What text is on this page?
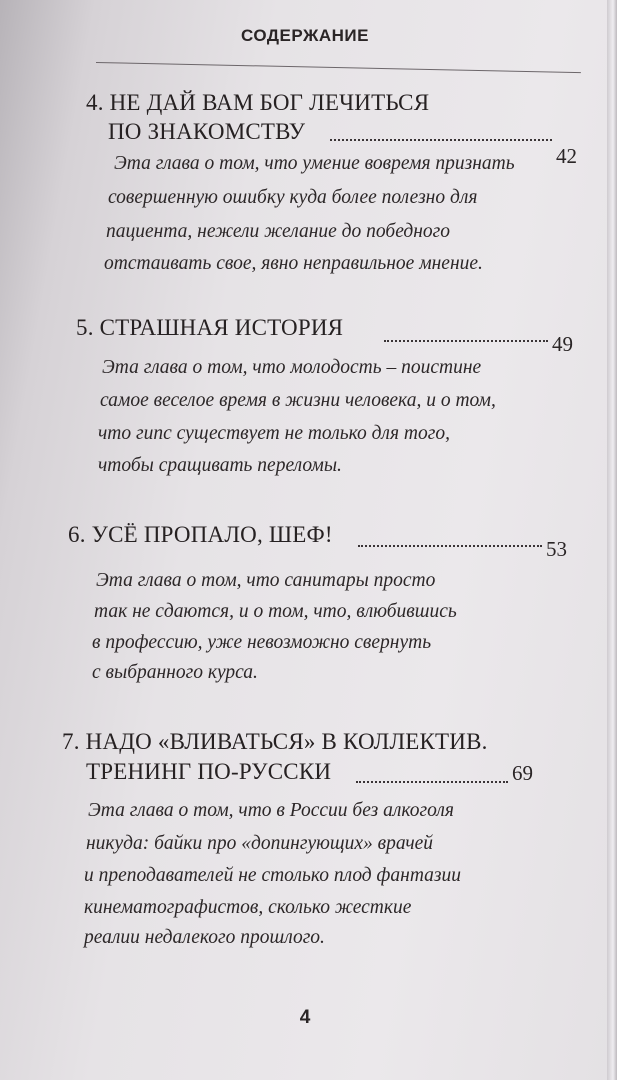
СОДЕРЖАНИЕ
4. НЕ ДАЙ ВАМ БОГ ЛЕЧИТЬСЯ
ПО ЗНАКОМСТВУ
42
Эта глава о том, что умение вовремя признать
совершенную ошибку куда более полезно для
пациента, нежели желание до победного
отстаивать свое, явно неправильное мнение.
5. СТРАШНАЯ ИСТОРИЯ
49
Эта глава о том, что молодость – поистине
самое веселое время в жизни человека, и о том,
что гипс существует не только для того,
чтобы сращивать переломы.
6. УСЁ ПРОПАЛО, ШЕФ!
53
Эта глава о том, что санитары просто
так не сдаются, и о том, что, влюбившись
в профессию, уже невозможно свернуть
с выбранного курса.
7. НАДО «ВЛИВАТЬСЯ» В КОЛЛЕКТИВ.
ТРЕНИНГ ПО-РУССКИ	69
Эта глава о том, что в России без алкоголя
никуда: байки про «допингующих» врачей
и преподавателей не столько плод фантазии
кинематографистов, сколько жесткие
реалии недалекого прошлого.
4
